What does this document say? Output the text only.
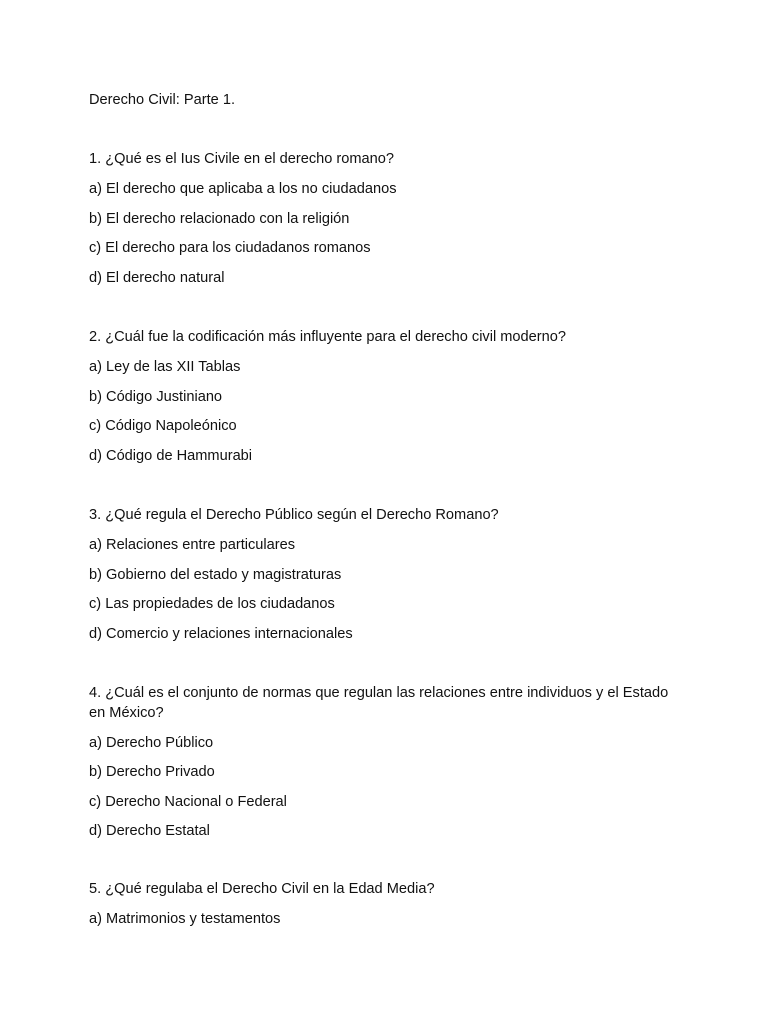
Derecho Civil: Parte 1.
1. ¿Qué es el Ius Civile en el derecho romano?
a) El derecho que aplicaba a los no ciudadanos
b) El derecho relacionado con la religión
c) El derecho para los ciudadanos romanos
d) El derecho natural
2. ¿Cuál fue la codificación más influyente para el derecho civil moderno?
a) Ley de las XII Tablas
b) Código Justiniano
c) Código Napoleónico
d) Código de Hammurabi
3. ¿Qué regula el Derecho Público según el Derecho Romano?
a) Relaciones entre particulares
b) Gobierno del estado y magistraturas
c) Las propiedades de los ciudadanos
d) Comercio y relaciones internacionales
4. ¿Cuál es el conjunto de normas que regulan las relaciones entre individuos y el Estado en México?
a) Derecho Público
b) Derecho Privado
c) Derecho Nacional o Federal
d) Derecho Estatal
5. ¿Qué regulaba el Derecho Civil en la Edad Media?
a) Matrimonios y testamentos
